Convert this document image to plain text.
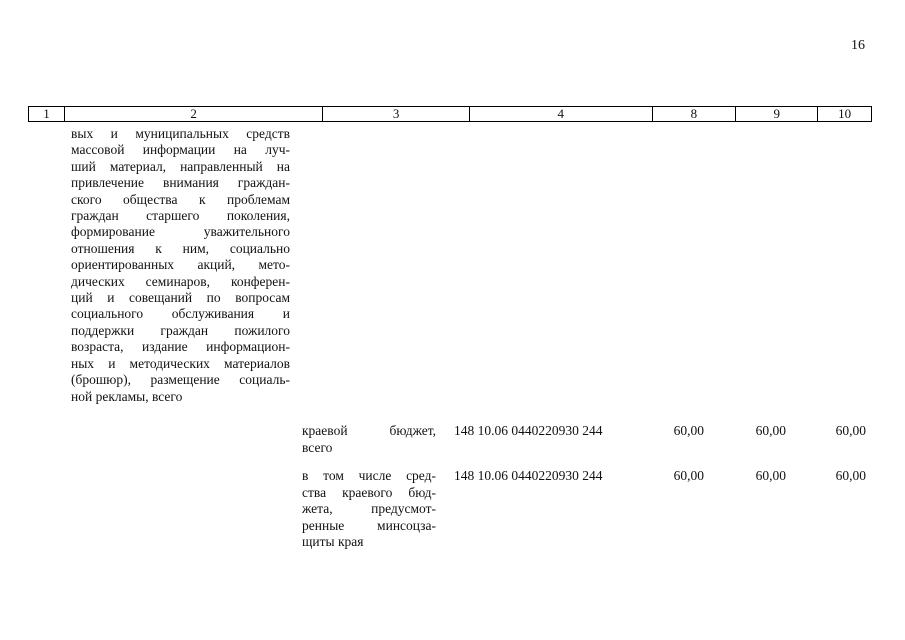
16
1	2	3	4	8	9	10
вых и муниципальных средств
массовой информации на луч-
ший материал, направленный на
привлечение внимания граждан-
ского общества к проблемам
граждан старшего поколения,
формирование уважительного
отношения к ним, социально
ориентированных акций, мето-
дических семинаров, конферен-
ций и совещаний по вопросам
социального обслуживания и
поддержки граждан пожилого
возраста, издание информацион-
ных и методических материалов
(брошюр), размещение социаль-
ной рекламы, всего
краевой бюджет,
всего
148 10.06 0440220930 244	60,00	60,00	60,00
в том числе сред-
ства краевого бюд-
жета, предусмот-
ренные минсоцза-
щиты края
148 10.06 0440220930 244	60,00	60,00	60,00
